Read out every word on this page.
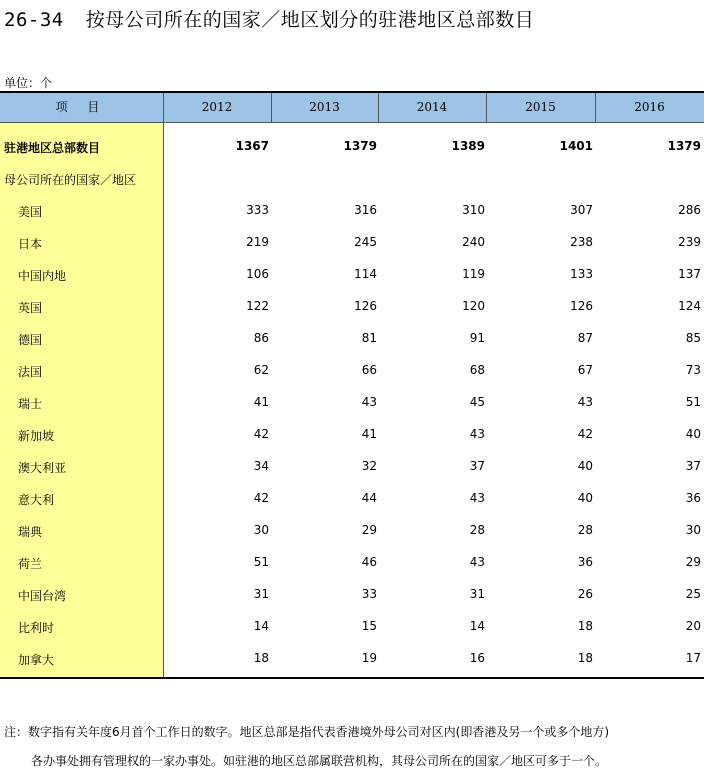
26-34 按母公司所在的国家／地区划分的驻港地区总部数目
单位：个
项 目	2012	2013	2014	2015	2016
驻港地区总部数目	1367	1379	1389	1401	1379
母公司所在的国家／地区
美国	333	316	310	307	286
日本	219	245	240	238	239
中国内地	106	114	119	133	137
英国	122	126	120	126	124
德国	86	81	91	87	85
法国	62	66	68	67	73
瑞士	41	43	45	43	51
新加坡	42	41	43	42	40
澳大利亚	34	32	37	40	37
意大利	42	44	43	40	36
瑞典	30	29	28	28	30
荷兰	51	46	43	36	29
中国台湾	31	33	31	26	25
比利时	14	15	14	18	20
加拿大	18	19	16	18	17
注：数字指有关年度6月首个工作日的数字。地区总部是指代表香港境外母公司对区内(即香港及另一个或多个地方)
各办事处拥有管理权的一家办事处。如驻港的地区总部属联营机构，其母公司所在的国家／地区可多于一个。
